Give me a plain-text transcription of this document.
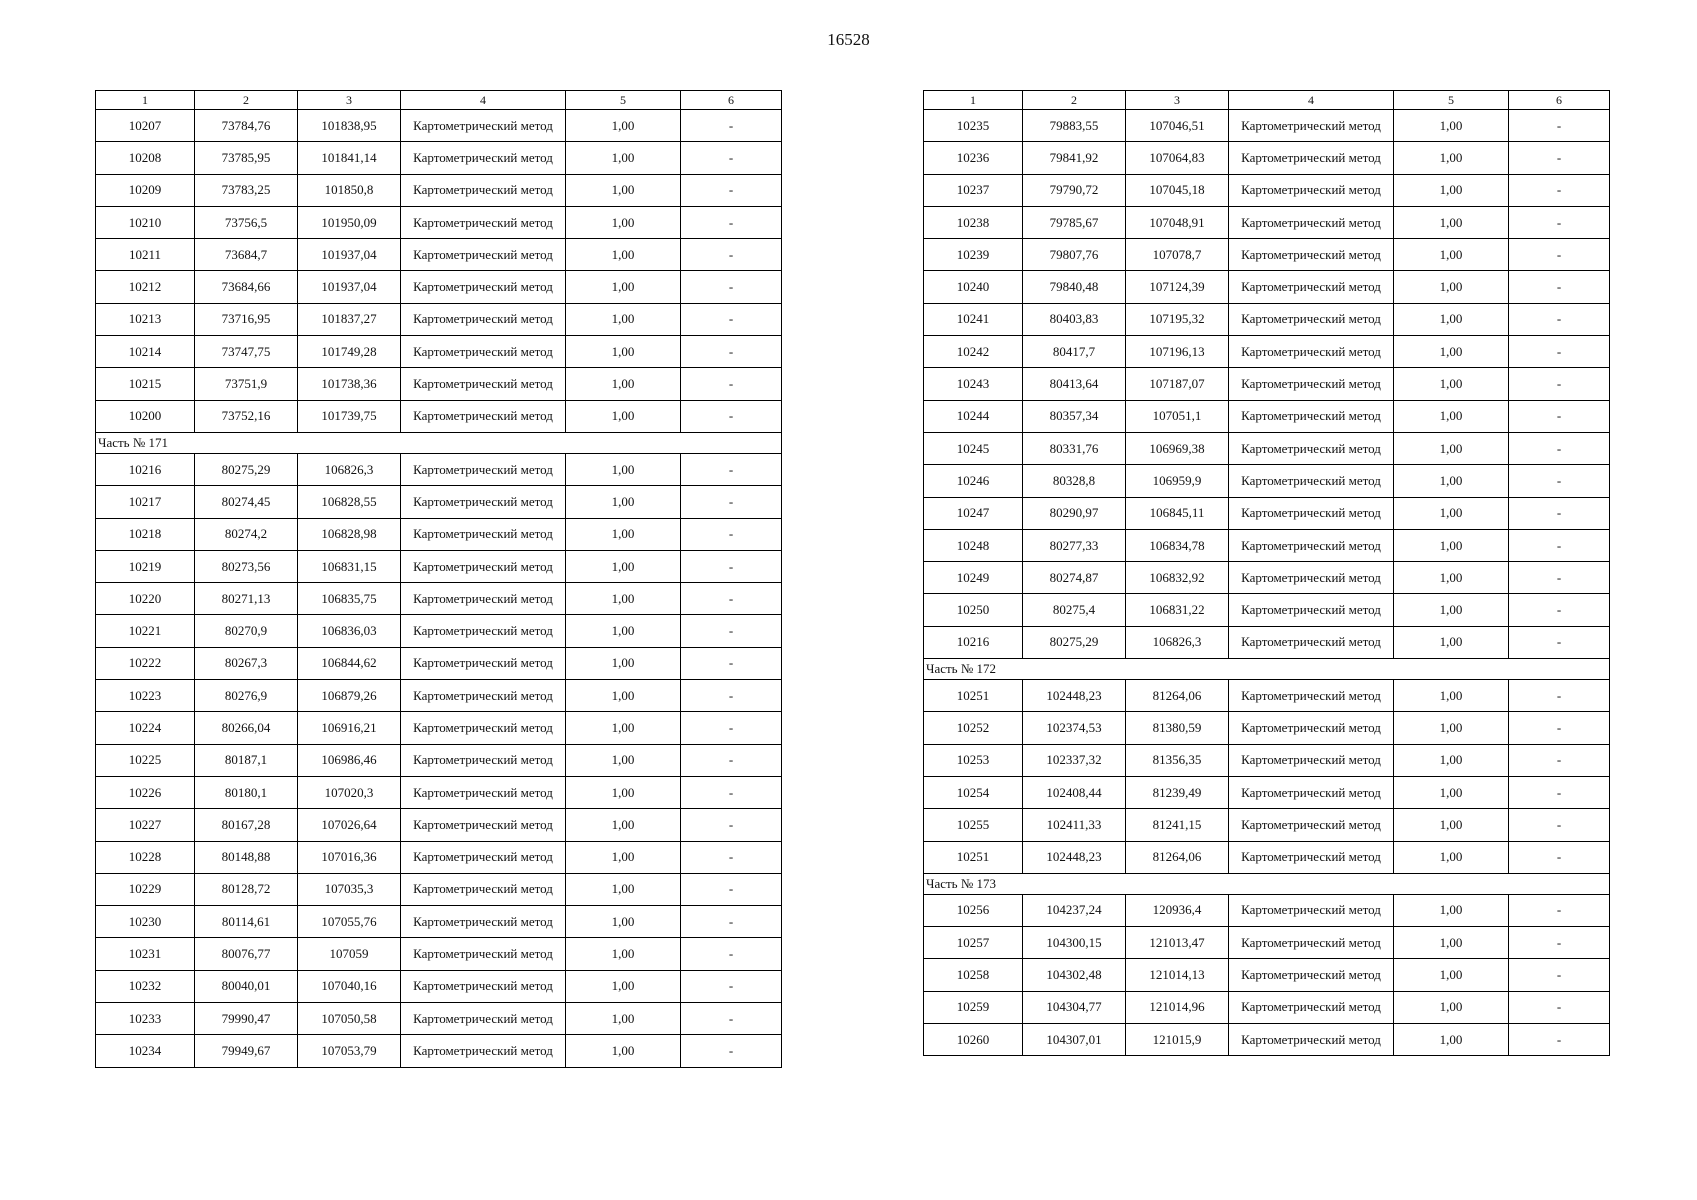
16528
1	2	3	4	5	6
10207	73784,76	101838,95	Картометрический метод	1,00	-
10208	73785,95	101841,14	Картометрический метод	1,00	-
10209	73783,25	101850,8	Картометрический метод	1,00	-
10210	73756,5	101950,09	Картометрический метод	1,00	-
10211	73684,7	101937,04	Картометрический метод	1,00	-
10212	73684,66	101937,04	Картометрический метод	1,00	-
10213	73716,95	101837,27	Картометрический метод	1,00	-
10214	73747,75	101749,28	Картометрический метод	1,00	-
10215	73751,9	101738,36	Картометрический метод	1,00	-
10200	73752,16	101739,75	Картометрический метод	1,00	-
Часть № 171					
10216	80275,29	106826,3	Картометрический метод	1,00	-
10217	80274,45	106828,55	Картометрический метод	1,00	-
10218	80274,2	106828,98	Картометрический метод	1,00	-
10219	80273,56	106831,15	Картометрический метод	1,00	-
10220	80271,13	106835,75	Картометрический метод	1,00	-
10221	80270,9	106836,03	Картометрический метод	1,00	-
10222	80267,3	106844,62	Картометрический метод	1,00	-
10223	80276,9	106879,26	Картометрический метод	1,00	-
10224	80266,04	106916,21	Картометрический метод	1,00	-
10225	80187,1	106986,46	Картометрический метод	1,00	-
10226	80180,1	107020,3	Картометрический метод	1,00	-
10227	80167,28	107026,64	Картометрический метод	1,00	-
10228	80148,88	107016,36	Картометрический метод	1,00	-
10229	80128,72	107035,3	Картометрический метод	1,00	-
10230	80114,61	107055,76	Картометрический метод	1,00	-
10231	80076,77	107059	Картометрический метод	1,00	-
10232	80040,01	107040,16	Картометрический метод	1,00	-
10233	79990,47	107050,58	Картометрический метод	1,00	-
10234	79949,67	107053,79	Картометрический метод	1,00	-
1	2	3	4	5	6
10235	79883,55	107046,51	Картометрический метод	1,00	-
10236	79841,92	107064,83	Картометрический метод	1,00	-
10237	79790,72	107045,18	Картометрический метод	1,00	-
10238	79785,67	107048,91	Картометрический метод	1,00	-
10239	79807,76	107078,7	Картометрический метод	1,00	-
10240	79840,48	107124,39	Картометрический метод	1,00	-
10241	80403,83	107195,32	Картометрический метод	1,00	-
10242	80417,7	107196,13	Картометрический метод	1,00	-
10243	80413,64	107187,07	Картометрический метод	1,00	-
10244	80357,34	107051,1	Картометрический метод	1,00	-
10245	80331,76	106969,38	Картометрический метод	1,00	-
10246	80328,8	106959,9	Картометрический метод	1,00	-
10247	80290,97	106845,11	Картометрический метод	1,00	-
10248	80277,33	106834,78	Картометрический метод	1,00	-
10249	80274,87	106832,92	Картометрический метод	1,00	-
10250	80275,4	106831,22	Картометрический метод	1,00	-
10216	80275,29	106826,3	Картометрический метод	1,00	-
Часть № 172					
10251	102448,23	81264,06	Картометрический метод	1,00	-
10252	102374,53	81380,59	Картометрический метод	1,00	-
10253	102337,32	81356,35	Картометрический метод	1,00	-
10254	102408,44	81239,49	Картометрический метод	1,00	-
10255	102411,33	81241,15	Картометрический метод	1,00	-
10251	102448,23	81264,06	Картометрический метод	1,00	-
Часть № 173					
10256	104237,24	120936,4	Картометрический метод	1,00	-
10257	104300,15	121013,47	Картометрический метод	1,00	-
10258	104302,48	121014,13	Картометрический метод	1,00	-
10259	104304,77	121014,96	Картометрический метод	1,00	-
10260	104307,01	121015,9	Картометрический метод	1,00	-
